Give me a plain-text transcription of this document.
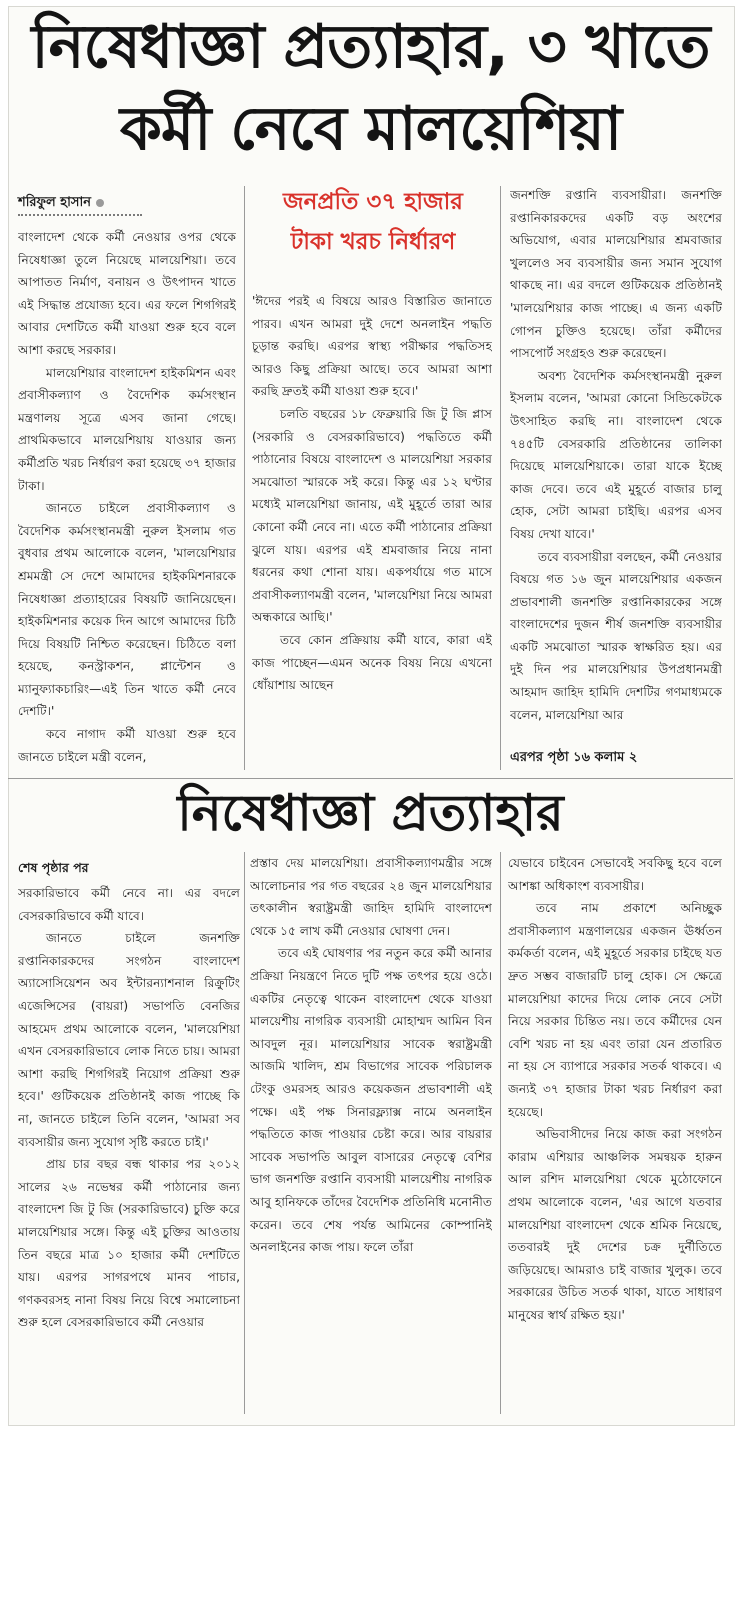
নিষেধাজ্ঞা প্রত্যাহার, ৩ খাতে
কর্মী নেবে মালয়েশিয়া
শরিফুল হাসান

বাংলাদেশ থেকে কর্মী নেওয়ার ওপর থেকে নিষেধাজ্ঞা তুলে নিয়েছে মালয়েশিয়া। তবে আপাতত নির্মাণ, বনায়ন ও উৎপাদন খাতে এই সিদ্ধান্ত প্রযোজ্য হবে। এর ফলে শিগগিরই আবার দেশটিতে কর্মী যাওয়া শুরু হবে বলে আশা করছে সরকার।

মালয়েশিয়ার বাংলাদেশ হাইকমিশন এবং প্রবাসীকল্যাণ ও বৈদেশিক কর্মসংস্থান মন্ত্রণালয় সূত্রে এসব জানা গেছে। প্রাথমিকভাবে মালয়েশিয়ায় যাওয়ার জন্য কর্মীপ্রতি খরচ নির্ধারণ করা হয়েছে ৩৭ হাজার টাকা।

জানতে চাইলে প্রবাসীকল্যাণ ও বৈদেশিক কর্মসংস্থানমন্ত্রী নুরুল ইসলাম গত বুধবার প্রথম আলোকে বলেন, 'মালয়েশিয়ার শ্রমমন্ত্রী সে দেশে আমাদের হাইকমিশনারকে নিষেধাজ্ঞা প্রত্যাহারের বিষয়টি জানিয়েছেন। হাইকমিশনার কয়েক দিন আগে আমাদের চিঠি দিয়ে বিষয়টি নিশ্চিত করেছেন। চিঠিতে বলা হয়েছে, কনস্ট্রাকশন, প্লান্টেশন ও ম্যানুফ্যাকচারিং—এই তিন খাতে কর্মী নেবে দেশটি।'

কবে নাগাদ কর্মী যাওয়া শুরু হবে জানতে চাইলে মন্ত্রী বলেন,

জনপ্রতি ৩৭ হাজার
টাকা খরচ নির্ধারণ

'ঈদের পরই এ বিষয়ে আরও বিস্তারিত জানাতে পারব। এখন আমরা দুই দেশে অনলাইন পদ্ধতি চূড়ান্ত করছি। এরপর স্বাস্থ্য পরীক্ষার পদ্ধতিসহ আরও কিছু প্রক্রিয়া আছে। তবে আমরা আশা করছি দ্রুতই কর্মী যাওয়া শুরু হবে।'

চলতি বছরের ১৮ ফেব্রুয়ারি জি টু জি প্লাস (সরকারি ও বেসরকারিভাবে) পদ্ধতিতে কর্মী পাঠানোর বিষয়ে বাংলাদেশ ও মালয়েশিয়া সরকার সমঝোতা স্মারকে সই করে। কিন্তু এর ১২ ঘণ্টার মধ্যেই মালয়েশিয়া জানায়, এই মুহূর্তে তারা আর কোনো কর্মী নেবে না। এতে কর্মী পাঠানোর প্রক্রিয়া ঝুলে যায়। এরপর এই শ্রমবাজার নিয়ে নানা ধরনের কথা শোনা যায়। একপর্যায়ে গত মাসে প্রবাসীকল্যাণমন্ত্রী বলেন, 'মালয়েশিয়া নিয়ে আমরা অন্ধকারে আছি।'

তবে কোন প্রক্রিয়ায় কর্মী যাবে, কারা এই কাজ পাচ্ছেন—এমন অনেক বিষয় নিয়ে এখনো ধোঁয়াশায় আছেন

জনশক্তি রপ্তানি ব্যবসায়ীরা। জনশক্তি রপ্তানিকারকদের একটি বড় অংশের অভিযোগ, এবার মালয়েশিয়ার শ্রমবাজার খুললেও সব ব্যবসায়ীর জন্য সমান সুযোগ থাকছে না। এর বদলে গুটিকয়েক প্রতিষ্ঠানই 'মালয়েশিয়ার কাজ পাচ্ছে। এ জন্য একটি গোপন চুক্তিও হয়েছে। তাঁরা কর্মীদের পাসপোর্ট সংগ্রহও শুরু করেছেন।

অবশ্য বৈদেশিক কর্মসংস্থানমন্ত্রী নুরুল ইসলাম বলেন, 'আমরা কোনো সিন্ডিকেটকে উৎসাহিত করছি না। বাংলাদেশ থেকে ৭৪৫টি বেসরকারি প্রতিষ্ঠানের তালিকা দিয়েছে মালয়েশিয়াকে। তারা যাকে ইচ্ছে কাজ দেবে। তবে এই মুহূর্তে বাজার চালু হোক, সেটা আমরা চাইছি। এরপর এসব বিষয় দেখা যাবে।'

তবে ব্যবসায়ীরা বলছেন, কর্মী নেওয়ার বিষয়ে গত ১৬ জুন মালয়েশিয়ার একজন প্রভাবশালী জনশক্তি রপ্তানিকারকের সঙ্গে বাংলাদেশের দুজন শীর্ষ জনশক্তি ব্যবসায়ীর একটি সমঝোতা স্মারক স্বাক্ষরিত হয়। এর দুই দিন পর মালয়েশিয়ার উপপ্রধানমন্ত্রী আহমাদ জাহিদ হামিদি দেশটির গণমাধ্যমকে বলেন, মালয়েশিয়া আর

এরপর পৃষ্ঠা ১৬ কলাম ২
নিষেধাজ্ঞা প্রত্যাহার
শেষ পৃষ্ঠার পর

সরকারিভাবে কর্মী নেবে না। এর বদলে বেসরকারিভাবে কর্মী যাবে।

জানতে চাইলে জনশক্তি রপ্তানিকারকদের সংগঠন বাংলাদেশ অ্যাসোসিয়েশন অব ইন্টারন্যাশনাল রিক্রুটিং এজেন্সিসের (বায়রা) সভাপতি বেনজির আহমেদ প্রথম আলোকে বলেন, 'মালয়েশিয়া এখন বেসরকারিভাবে লোক নিতে চায়। আমরা আশা করছি শিগগিরই নিয়োগ প্রক্রিয়া শুরু হবে।' গুটিকয়েক প্রতিষ্ঠানই কাজ পাচ্ছে কি না, জানতে চাইলে তিনি বলেন, 'আমরা সব ব্যবসায়ীর জন্য সুযোগ সৃষ্টি করতে চাই।'

প্রায় চার বছর বন্ধ থাকার পর ২০১২ সালের ২৬ নভেম্বর কর্মী পাঠানোর জন্য বাংলাদেশ জি টু জি (সরকারিভাবে) চুক্তি করে মালয়েশিয়ার সঙ্গে। কিন্তু এই চুক্তির আওতায় তিন বছরে মাত্র ১০ হাজার কর্মী দেশটিতে যায়। এরপর সাগরপথে মানব পাচার, গণকবরসহ নানা বিষয় নিয়ে বিশ্বে সমালোচনা শুরু হলে বেসরকারিভাবে কর্মী নেওয়ার

প্রস্তাব দেয় মালয়েশিয়া। প্রবাসীকল্যাণমন্ত্রীর সঙ্গে আলোচনার পর গত বছরের ২৪ জুন মালয়েশিয়ার তৎকালীন স্বরাষ্ট্রমন্ত্রী জাহিদ হামিদি বাংলাদেশ থেকে ১৫ লাখ কর্মী নেওয়ার ঘোষণা দেন।

তবে এই ঘোষণার পর নতুন করে কর্মী আনার প্রক্রিয়া নিয়ন্ত্রণে নিতে দুটি পক্ষ তৎপর হয়ে ওঠে। একটির নেতৃত্বে থাকেন বাংলাদেশ থেকে যাওয়া মালয়েশীয় নাগরিক ব্যবসায়ী মোহাম্মদ আমিন বিন আবদুল নূর। মালয়েশিয়ার সাবেক স্বরাষ্ট্রমন্ত্রী আজমি খালিদ, শ্রম বিভাগের সাবেক পরিচালক টেংকু ওমরসহ আরও কয়েকজন প্রভাবশালী এই পক্ষে। এই পক্ষ সিনারফ্ল্যাক্স নামে অনলাইন পদ্ধতিতে কাজ পাওয়ার চেষ্টা করে। আর বায়রার সাবেক সভাপতি আবুল বাসারের নেতৃত্বে বেশির ভাগ জনশক্তি রপ্তানি ব্যবসায়ী মালয়েশীয় নাগরিক আবু হানিফকে তাঁদের বৈদেশিক প্রতিনিধি মনোনীত করেন। তবে শেষ পর্যন্ত আমিনের কোম্পানিই অনলাইনের কাজ পায়। ফলে তাঁরা

যেভাবে চাইবেন সেভাবেই সবকিছু হবে বলে আশঙ্কা অধিকাংশ ব্যবসায়ীর।

তবে নাম প্রকাশে অনিচ্ছুক প্রবাসীকল্যাণ মন্ত্রণালয়ের একজন ঊর্ধ্বতন কর্মকর্তা বলেন, এই মুহূর্তে সরকার চাইছে যত দ্রুত সম্ভব বাজারটি চালু হোক। সে ক্ষেত্রে মালয়েশিয়া কাদের দিয়ে লোক নেবে সেটা নিয়ে সরকার চিন্তিত নয়। তবে কর্মীদের যেন বেশি খরচ না হয় এবং তারা যেন প্রতারিত না হয় সে ব্যাপারে সরকার সতর্ক থাকবে। এ জন্যই ৩৭ হাজার টাকা খরচ নির্ধারণ করা হয়েছে।

অভিবাসীদের নিয়ে কাজ করা সংগঠন কারাম এশিয়ার আঞ্চলিক সমন্বয়ক হারুন আল রশিদ মালয়েশিয়া থেকে মুঠোফোনে প্রথম আলোকে বলেন, 'এর আগে যতবার মালয়েশিয়া বাংলাদেশ থেকে শ্রমিক নিয়েছে, ততবারই দুই দেশের চক্র দুর্নীতিতে জড়িয়েছে। আমরাও চাই বাজার খুলুক। তবে সরকারের উচিত সতর্ক থাকা, যাতে সাধারণ মানুষের স্বার্থ রক্ষিত হয়।'
